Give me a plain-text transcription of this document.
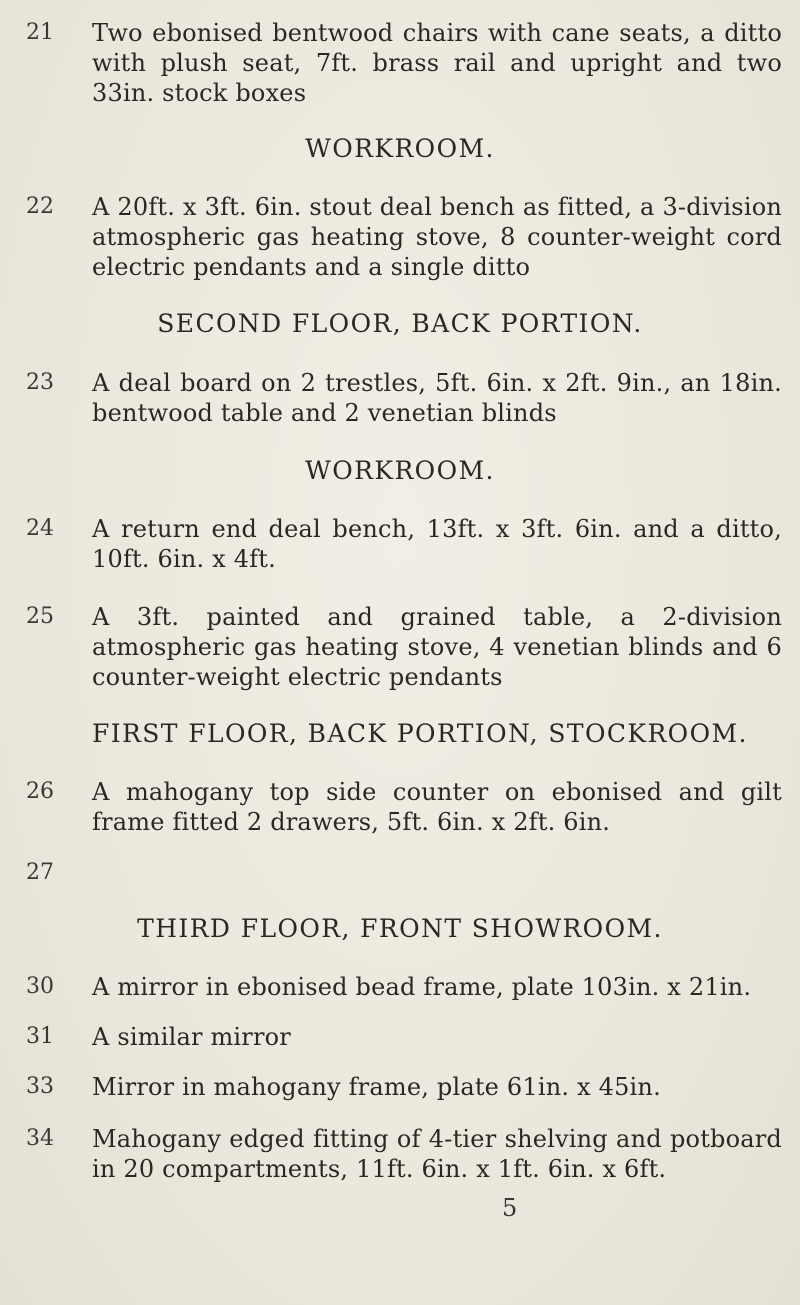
21	Two ebonised bentwood chairs with cane seats, a ditto with plush seat, 7ft. brass rail and upright and two 33in. stock boxes
WORKROOM.
22	A 20ft. x 3ft. 6in. stout deal bench as fitted, a 3-division atmospheric gas heating stove, 8 counter-weight cord electric pendants and a single ditto
SECOND FLOOR, BACK PORTION.
23	A deal board on 2 trestles, 5ft. 6in. x 2ft. 9in., an 18in. bentwood table and 2 venetian blinds
WORKROOM.
24	A return end deal bench, 13ft. x 3ft. 6in. and a ditto, 10ft. 6in. x 4ft.
25	A 3ft. painted and grained table, a 2-division atmospheric gas heating stove, 4 venetian blinds and 6 counter-weight electric pendants
FIRST FLOOR, BACK PORTION, STOCKROOM.
26	A mahogany top side counter on ebonised and gilt frame fitted 2 drawers, 5ft. 6in. x 2ft. 6in.
27
THIRD FLOOR, FRONT SHOWROOM.
30	A mirror in ebonised bead frame, plate 103in. x 21in.
31	A similar mirror
33	Mirror in mahogany frame, plate 61in. x 45in.
34	Mahogany edged fitting of 4-tier shelving and potboard in 20 compartments, 11ft. 6in. x 1ft. 6in. x 6ft.
5
